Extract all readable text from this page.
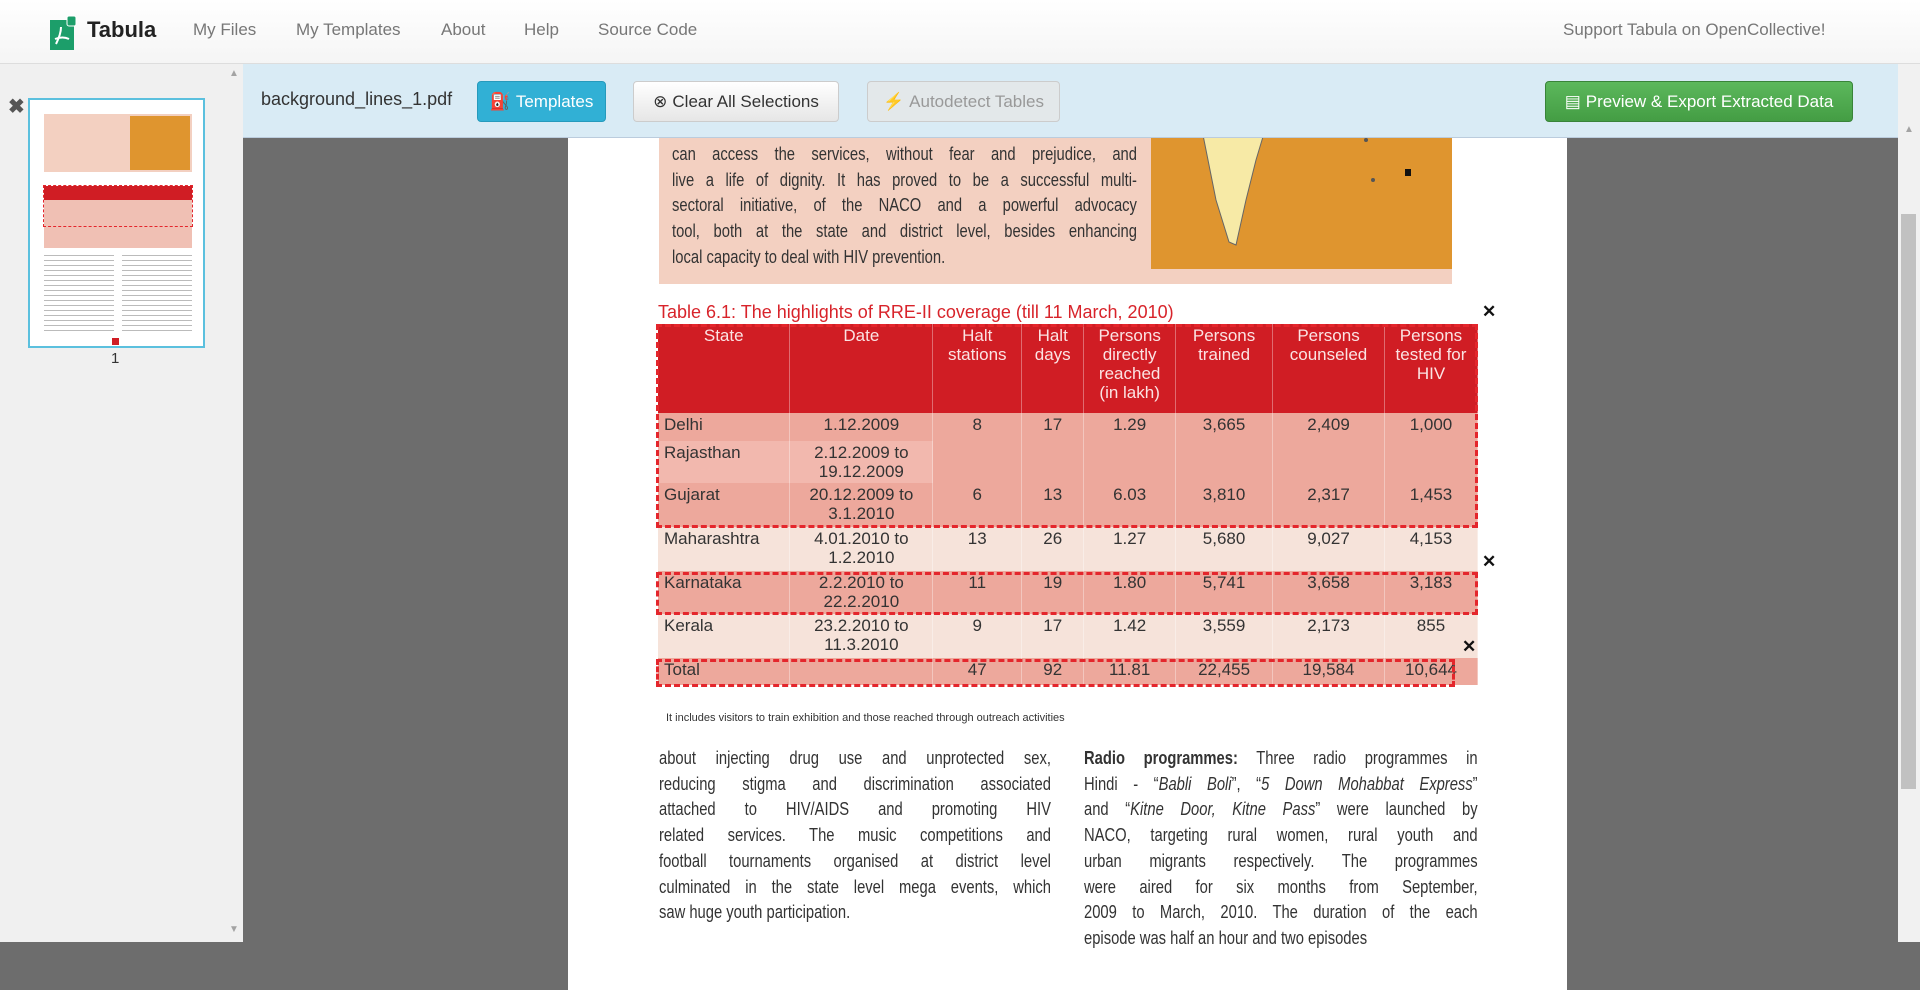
Tabula My Files My Templates About Help Source Code	Support Tabula on OpenCollective!
✖
1
▲
▼
background_lines_1.pdf ⛽ Templates	⊗ Clear All Selections	⚡ Autodetect Tables	▤ Preview & Export Extracted Data
▲
can access the services, without fear and prejudice, and
live a life of dignity. It has proved to be a successful multi-
sectoral initiative, of the NACO and a powerful advocacy
tool, both at the state and district level, besides enhancing
local capacity to deal with HIV prevention.
Table 6.1: The highlights of RRE-II coverage (till 11 March, 2010)
State	Date	Halt stations	Halt days	Persons directly reached (in lakh)	Persons trained	Persons counseled	Persons tested for HIV
Delhi	1.12.2009	8	17	1.29	3,665	2,409	1,000
Rajasthan	2.12.2009 to 19.12.2009						
Gujarat	20.12.2009 to 3.1.2010	6	13	6.03	3,810	2,317	1,453
Maharashtra	4.01.2010 to 1.2.2010	13	26	1.27	5,680	9,027	4,153
Karnataka	2.2.2010 to 22.2.2010	11	19	1.80	5,741	3,658	3,183
Kerala	23.2.2010 to 11.3.2010	9	17	1.42	3,559	2,173	855
Total		47	92	11.81	22,455	19,584	10,644
It includes visitors to train exhibition and those reached through outreach activities
✕
✕
✕
about injecting drug use and unprotected sex,
reducing stigma and discrimination associated
attached to HIV/AIDS and promoting HIV
related services. The music competitions and
football tournaments organised at district level
culminated in the state level mega events, which
saw huge youth participation.
Radio programmes: Three radio programmes in
Hindi - “Babli Boli”, “5 Down Mohabbat Express”
and “Kitne Door, Kitne Pass” were launched by
NACO, targeting rural women, rural youth and
urban migrants respectively. The programmes
were aired for six months from September,
2009 to March, 2010. The duration of the each
episode was half an hour and two episodes
